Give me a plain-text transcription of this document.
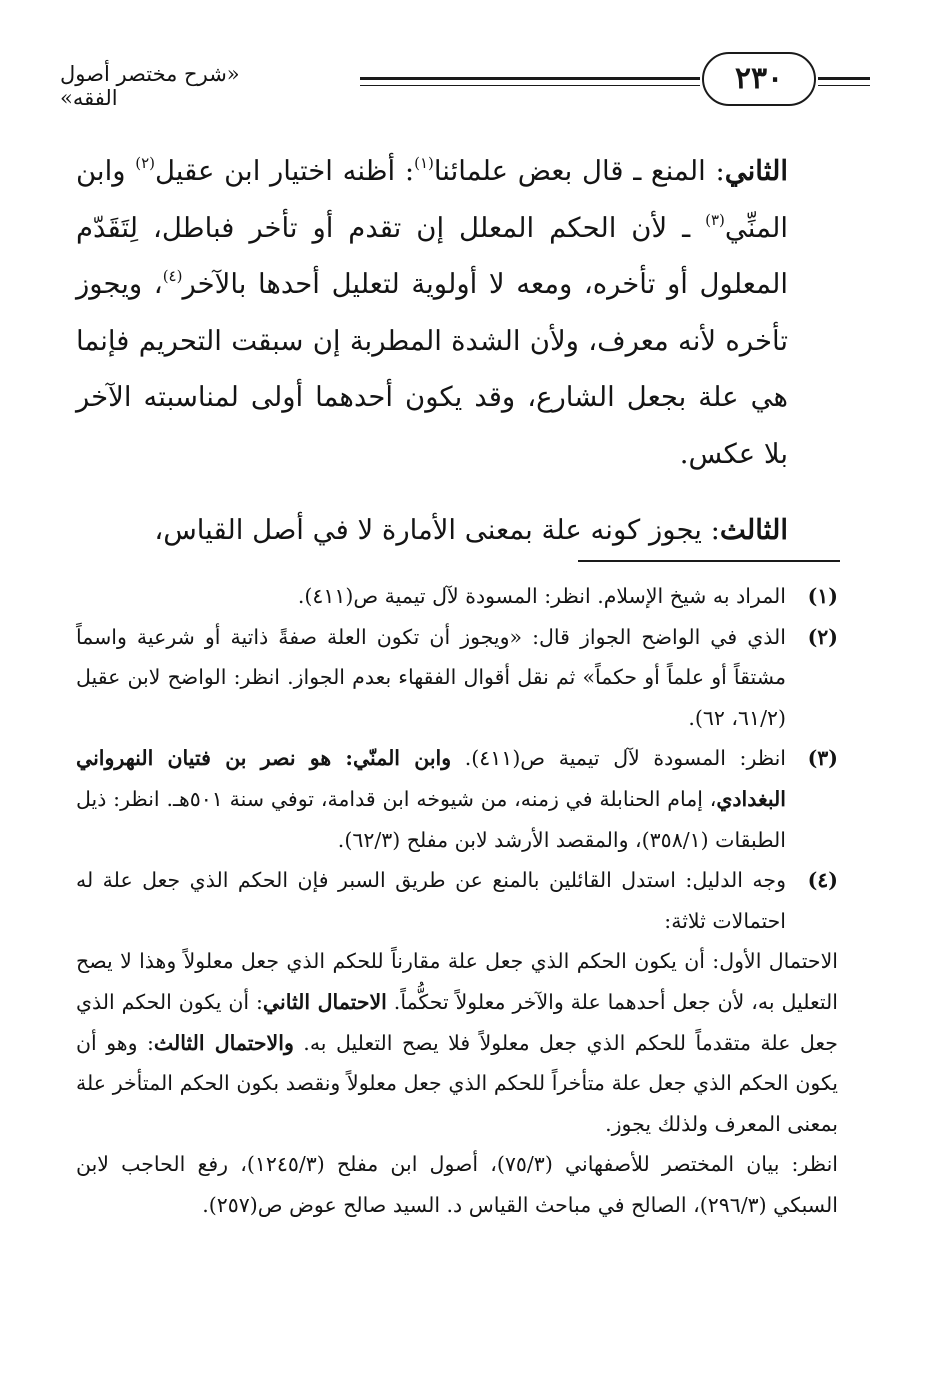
«شرح مختصر أصول الفقه»
٢٣٠

الثاني: المنع ـ قال بعض علمائنا$^{(١)}$: أظنه اختيار ابن عقيل$^{(٢)}$ وابن المنِّي$^{(٣)}$ ـ لأن الحكم المعلل إن تقدم أو تأخر فباطل، لِتَقَدّم المعلول أو تأخره، ومعه لا أولوية لتعليل أحدها بالآخر$^{(٤)}$، ويجوز تأخره لأنه معرف، ولأن الشدة المطربة إن سبقت التحريم فإنما هي علة بجعل الشارع، وقد يكون أحدهما أولى لمناسبته الآخر بلا عكس.

الثالث: يجوز كونه علة بمعنى الأمارة لا في أصل القياس،

(١)
المراد به شيخ الإسلام. انظر: المسودة لآل تيمية ص(٤١١).
(٢)
الذي في الواضح الجواز قال: «ويجوز أن تكون العلة صفةً ذاتية أو شرعية واسماً مشتقاً أو علماً أو حكماً» ثم نقل أقوال الفقهاء بعدم الجواز. انظر: الواضح لابن عقيل (٦١/٢، ٦٢).
(٣)
انظر: المسودة لآل تيمية ص(٤١١). وابن المنّي: هو نصر بن فتيان النهرواني البغدادي، إمام الحنابلة في زمنه، من شيوخه ابن قدامة، توفي سنة ٥٠١هـ. انظر: ذيل الطبقات (٣٥٨/١)، والمقصد الأرشد لابن مفلح (٦٢/٣).
(٤)
وجه الدليل: استدل القائلين بالمنع عن طريق السبر فإن الحكم الذي جعل علة له احتمالات ثلاثة:

الاحتمال الأول: أن يكون الحكم الذي جعل علة مقارناً للحكم الذي جعل معلولاً وهذا لا يصح التعليل به، لأن جعل أحدهما علة والآخر معلولاً تحكُّماً. الاحتمال الثاني: أن يكون الحكم الذي جعل علة متقدماً للحكم الذي جعل معلولاً فلا يصح التعليل به. والاحتمال الثالث: وهو أن يكون الحكم الذي جعل علة متأخراً للحكم الذي جعل معلولاً ونقصد بكون الحكم المتأخر علة بمعنى المعرف ولذلك يجوز.

انظر: بيان المختصر للأصفهاني (٧٥/٣)، أصول ابن مفلح (١٢٤٥/٣)، رفع الحاجب لابن السبكي (٢٩٦/٣)، الصالح في مباحث القياس د. السيد صالح عوض ص(٢٥٧).
